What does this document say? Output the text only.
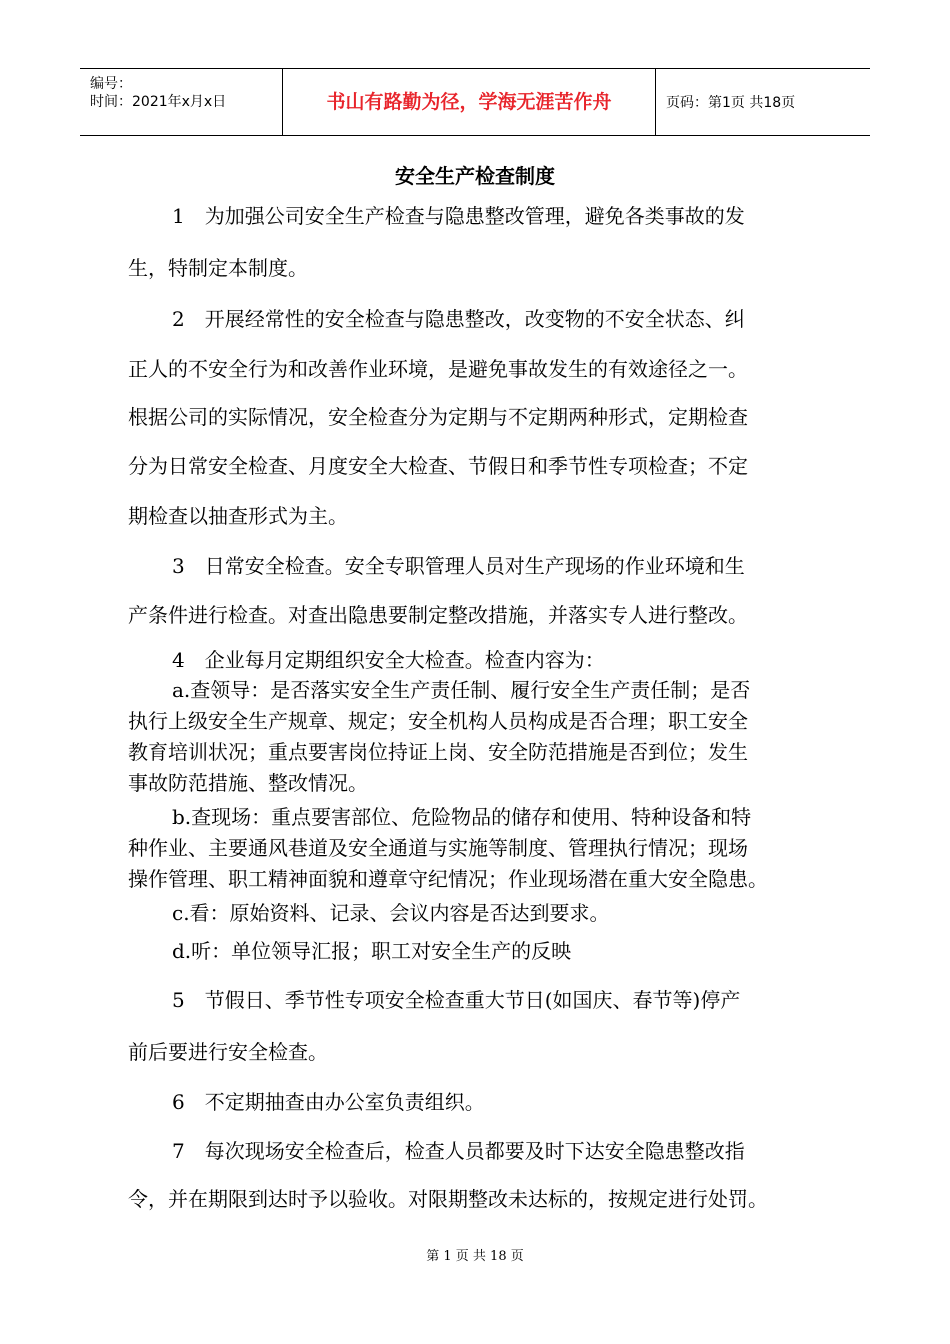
编号：
时间：2021年x月x日	书山有路勤为径，学海无涯苦作舟	页码：第1页 共18页
安全生产检查制度
1　为加强公司安全生产检查与隐患整改管理，避免各类事故的发
生，特制定本制度。
2　开展经常性的安全检查与隐患整改，改变物的不安全状态、纠
正人的不安全行为和改善作业环境，是避免事故发生的有效途径之一。
根据公司的实际情况，安全检查分为定期与不定期两种形式，定期检查
分为日常安全检查、月度安全大检查、节假日和季节性专项检查；不定
期检查以抽查形式为主。
3　日常安全检查。安全专职管理人员对生产现场的作业环境和生
产条件进行检查。对查出隐患要制定整改措施，并落实专人进行整改。
4　企业每月定期组织安全大检查。检查内容为：
a.查领导：是否落实安全生产责任制、履行安全生产责任制；是否
执行上级安全生产规章、规定；安全机构人员构成是否合理；职工安全
教育培训状况；重点要害岗位持证上岗、安全防范措施是否到位；发生
事故防范措施、整改情况。
b.查现场：重点要害部位、危险物品的储存和使用、特种设备和特
种作业、主要通风巷道及安全通道与实施等制度、管理执行情况；现场
操作管理、职工精神面貌和遵章守纪情况；作业现场潜在重大安全隐患。
c.看：原始资料、记录、会议内容是否达到要求。
d.听：单位领导汇报；职工对安全生产的反映
5　节假日、季节性专项安全检查重大节日(如国庆、春节等)停产
前后要进行安全检查。
6　不定期抽查由办公室负责组织。
7　每次现场安全检查后，检查人员都要及时下达安全隐患整改指
令，并在期限到达时予以验收。对限期整改未达标的，按规定进行处罚。
第 1 页 共 18 页
